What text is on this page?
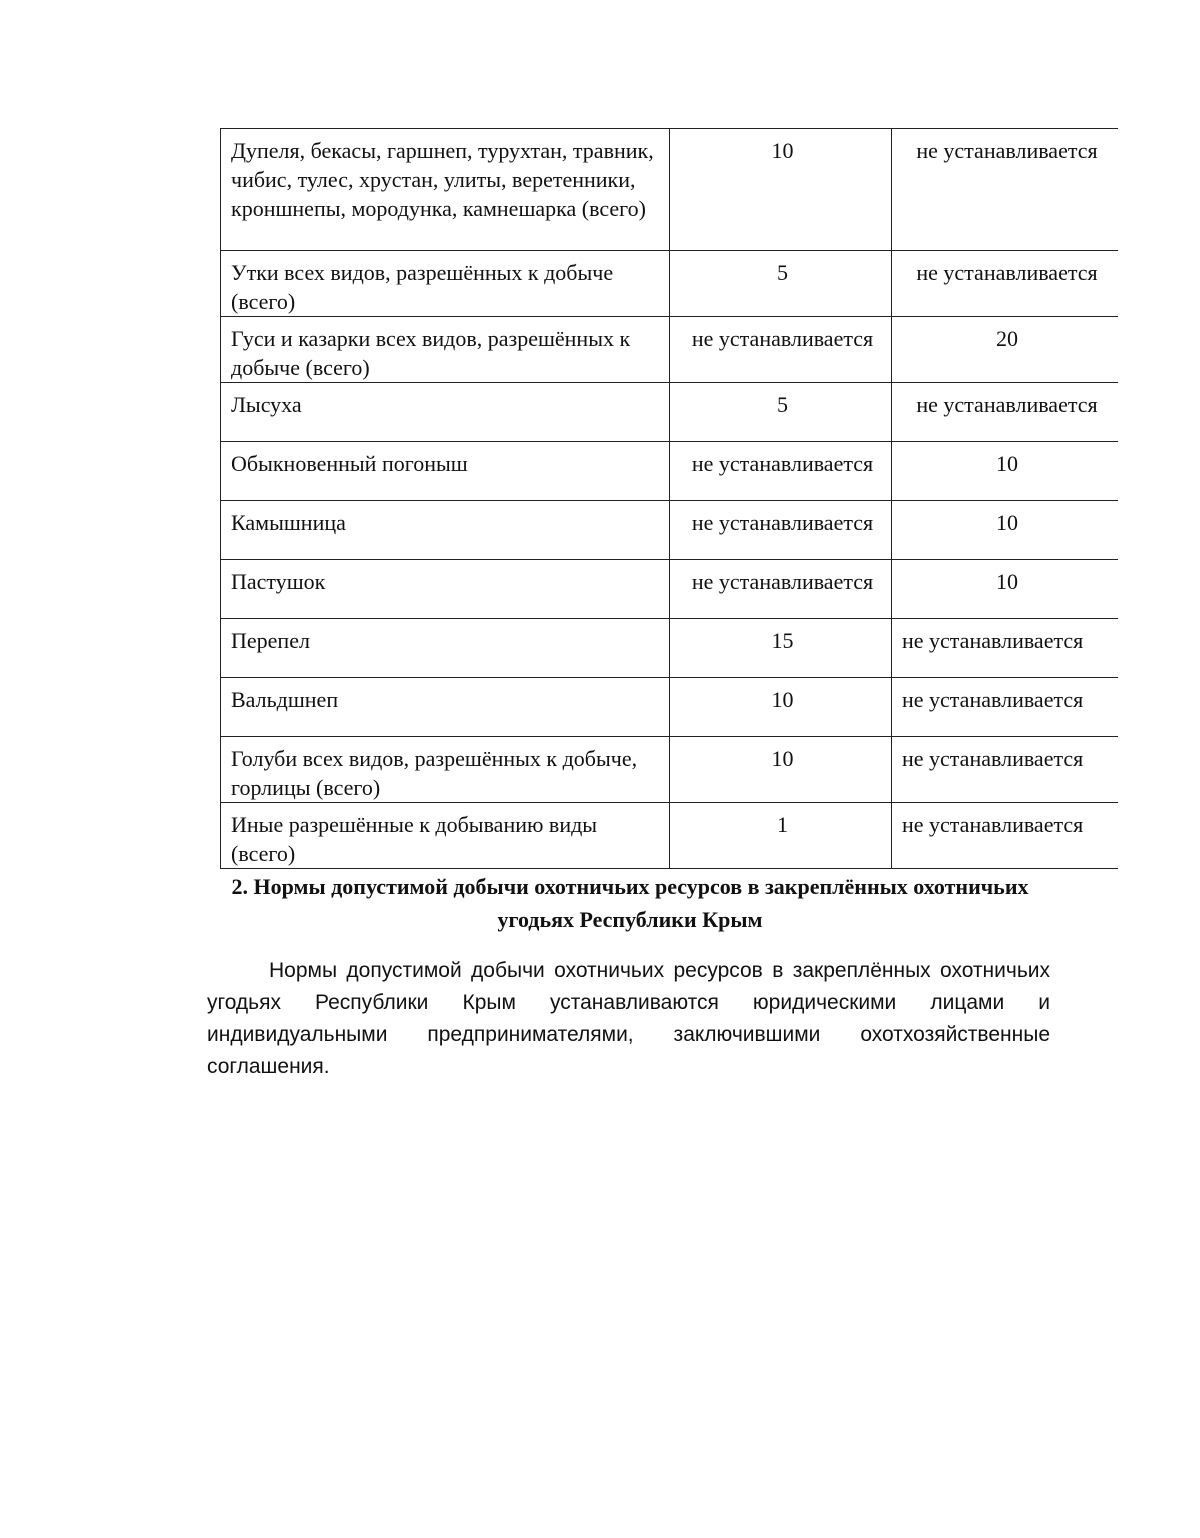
Дупеля, бекасы, гаршнеп, турухтан, травник, чибис, тулес, хрустан, улиты, веретенники, кроншнепы, мородунка, камнешарка (всего)	10	не устанавливается
Утки всех видов, разрешённых к добыче (всего)	5	не устанавливается
Гуси и казарки всех видов, разрешённых к добыче (всего)	не устанавливается	20
Лысуха	5	не устанавливается
Обыкновенный погоныш	не устанавливается	10
Камышница	не устанавливается	10
Пастушок	не устанавливается	10
Перепел	15	не устанавливается
Вальдшнеп	10	не устанавливается
Голуби всех видов, разрешённых к добыче, горлицы (всего)	10	не устанавливается
Иные разрешённые к добыванию виды (всего)	1	не устанавливается
2. Нормы допустимой добычи охотничьих ресурсов в закреплённых охотничьих угодьях Республики Крым

Нормы допустимой добычи охотничьих ресурсов в закреплённых охотничьих угодьях Республики Крым устанавливаются юридическими лицами и индивидуальными предпринимателями, заключившими охотхозяйственные соглашения.
